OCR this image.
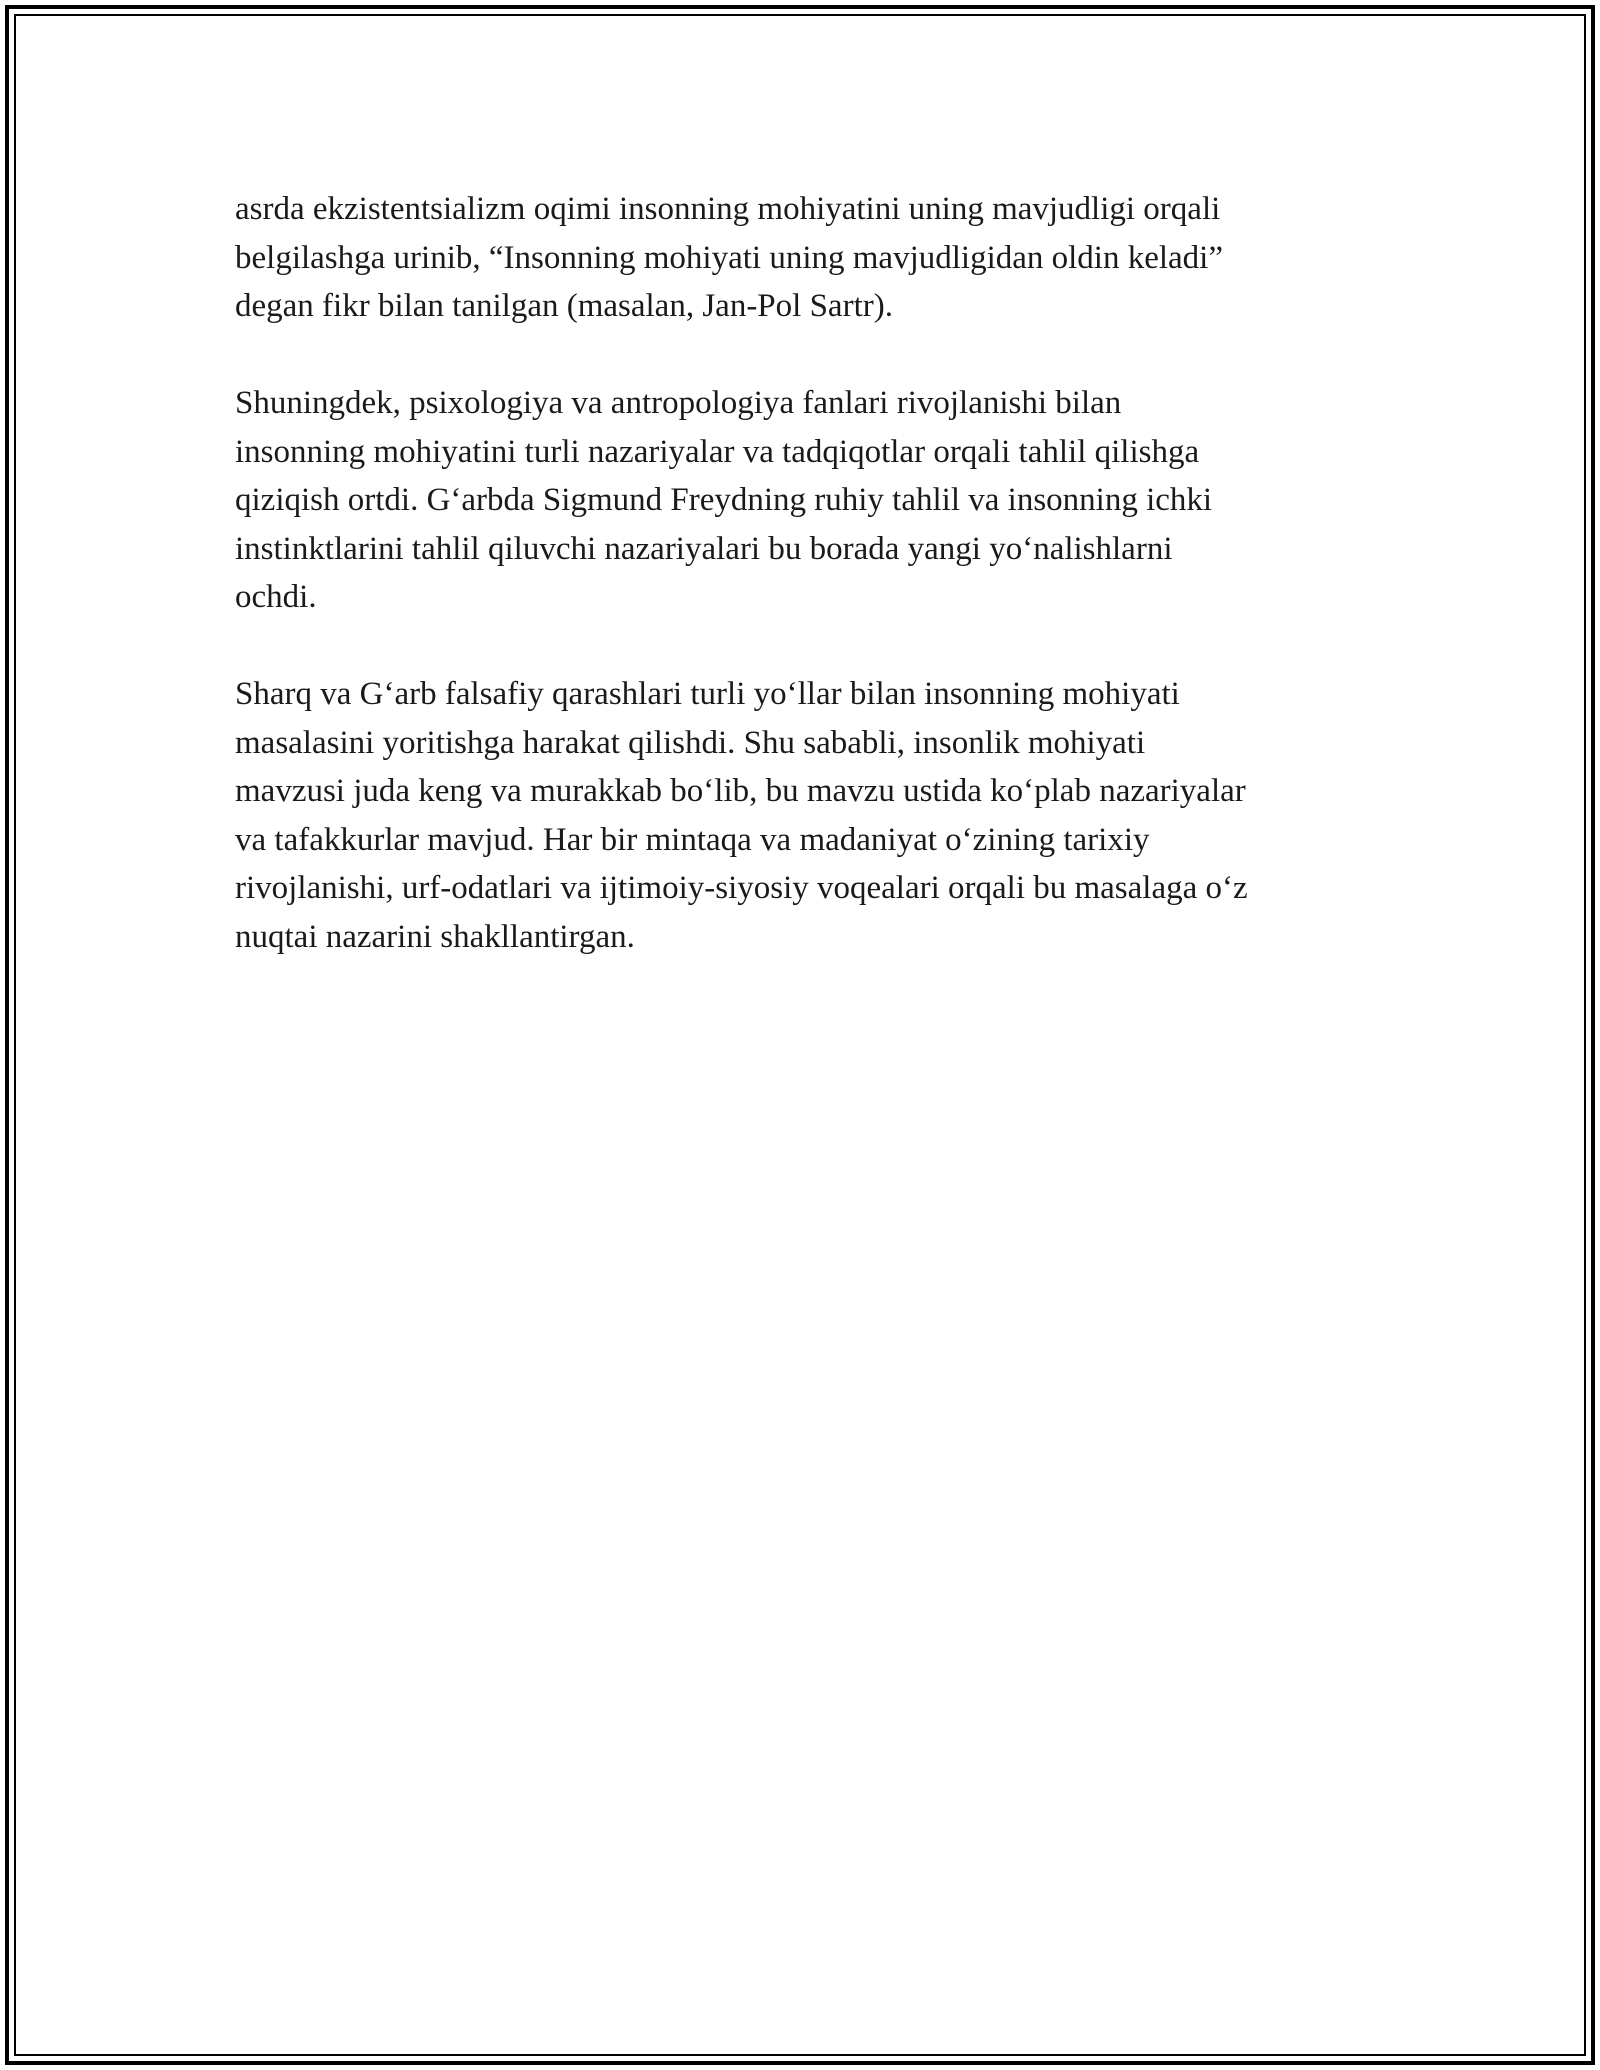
asrda ekzistentsializm oqimi insonning mohiyatini uning mavjudligi orqali
belgilashga urinib, “Insonning mohiyati uning mavjudligidan oldin keladi”
degan fikr bilan tanilgan (masalan, Jan-Pol Sartr).

Shuningdek, psixologiya va antropologiya fanlari rivojlanishi bilan
insonning mohiyatini turli nazariyalar va tadqiqotlar orqali tahlil qilishga
qiziqish ortdi. G‘arbda Sigmund Freydning ruhiy tahlil va insonning ichki
instinktlarini tahlil qiluvchi nazariyalari bu borada yangi yo‘nalishlarni
ochdi.

Sharq va G‘arb falsafiy qarashlari turli yo‘llar bilan insonning mohiyati
masalasini yoritishga harakat qilishdi. Shu sababli, insonlik mohiyati
mavzusi juda keng va murakkab bo‘lib, bu mavzu ustida ko‘plab nazariyalar
va tafakkurlar mavjud. Har bir mintaqa va madaniyat o‘zining tarixiy
rivojlanishi, urf-odatlari va ijtimoiy-siyosiy voqealari orqali bu masalaga o‘z
nuqtai nazarini shakllantirgan.
